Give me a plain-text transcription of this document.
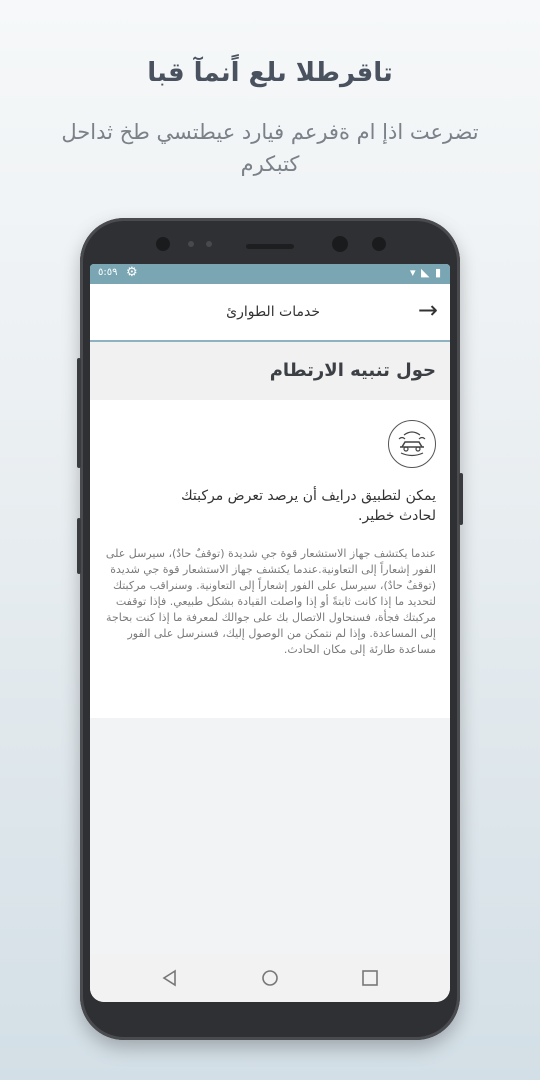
تاقرطلا ىلع اًنمآ قبا
تضرعت اذإ ام ةفرعم فيارد عيطتسي طخ ثداحل كتبكرم
٥:٥٩ ⚙	▾ ◣ ▮
خدمات الطوارئ	→
حول تنبيه الارتطام
يمكن لتطبيق درايف أن يرصد تعرض مركبتك لحادث خطير.
عندما يكتشف جهاز الاستشعار قوة جي شديدة (توقفٌ حادٌ)، سيرسل على الفور إشعاراً إلى التعاونية.عندما يكتشف جهاز الاستشعار قوة جي شديدة (توقفٌ حادٌ)، سيرسل على الفور إشعاراً إلى التعاونية. وسنراقب مركبتك لتحديد ما إذا كانت ثابتةً أو إذا واصلت القيادة بشكل طبيعي. فإذا توقفت مركبتك فجأة، فسنحاول الاتصال بك على جوالك لمعرفة ما إذا كنت بحاجة إلى المساعدة. وإذا لم نتمكن من الوصول إليك، فسنرسل على الفور مساعدة طارئة إلى مكان الحادث.
